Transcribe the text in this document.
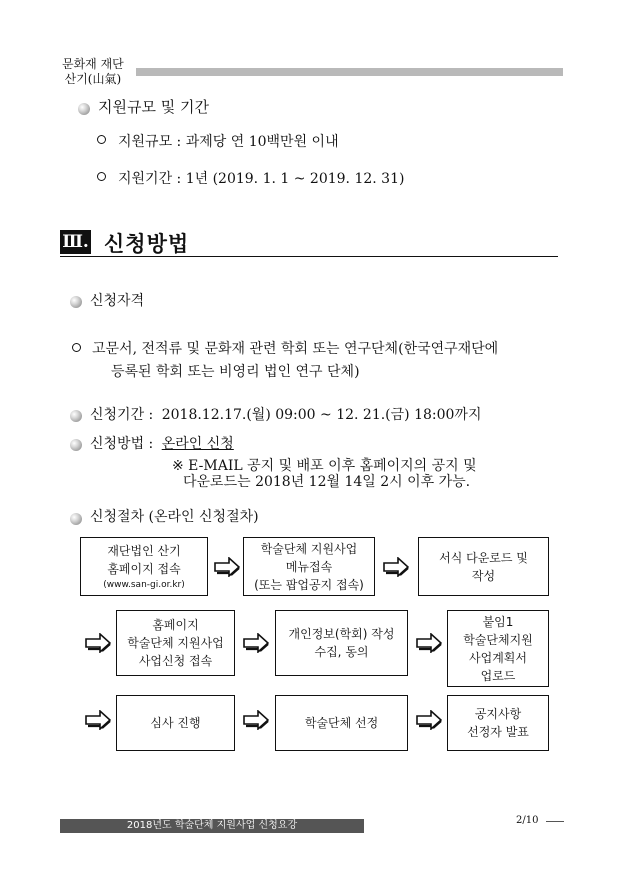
문화재 재단
산기(山氣)
지원규모 및 기간
지원규모 : 과제당 연 10백만원 이내
지원기간 : 1년 (2019. 1. 1 ~ 2019. 12. 31)
Ⅲ. 신청방법
신청자격
고문서, 전적류 및 문화재 관련 학회 또는 연구단체(한국연구재단에
등록된 학회 또는 비영리 법인 연구 단체)
신청기간 : 2018.12.17.(월) 09:00 ~ 12. 21.(금) 18:00까지
신청방법 : 온라인 신청
※ E-MAIL 공지 및 배포 이후 홈페이지의 공지 및
다운로드는 2018년 12월 14일 2시 이후 가능.
신청절차 (온라인 신청절차)
재단법인 산기
홈페이지 접속
(www.san-gi.or.kr)
학술단체 지원사업
메뉴접속
(또는 팝업공지 접속)
서식 다운로드 및
작성
홈페이지
학술단체 지원사업
사업신청 접속
개인정보(학회) 작성
수집, 동의
붙임1
학술단체지원
사업계획서
업로드
심사 진행	학술단체 선정
공지사항
선정자 발표
2018년도 학술단체 지원사업 신청요강	2/10
